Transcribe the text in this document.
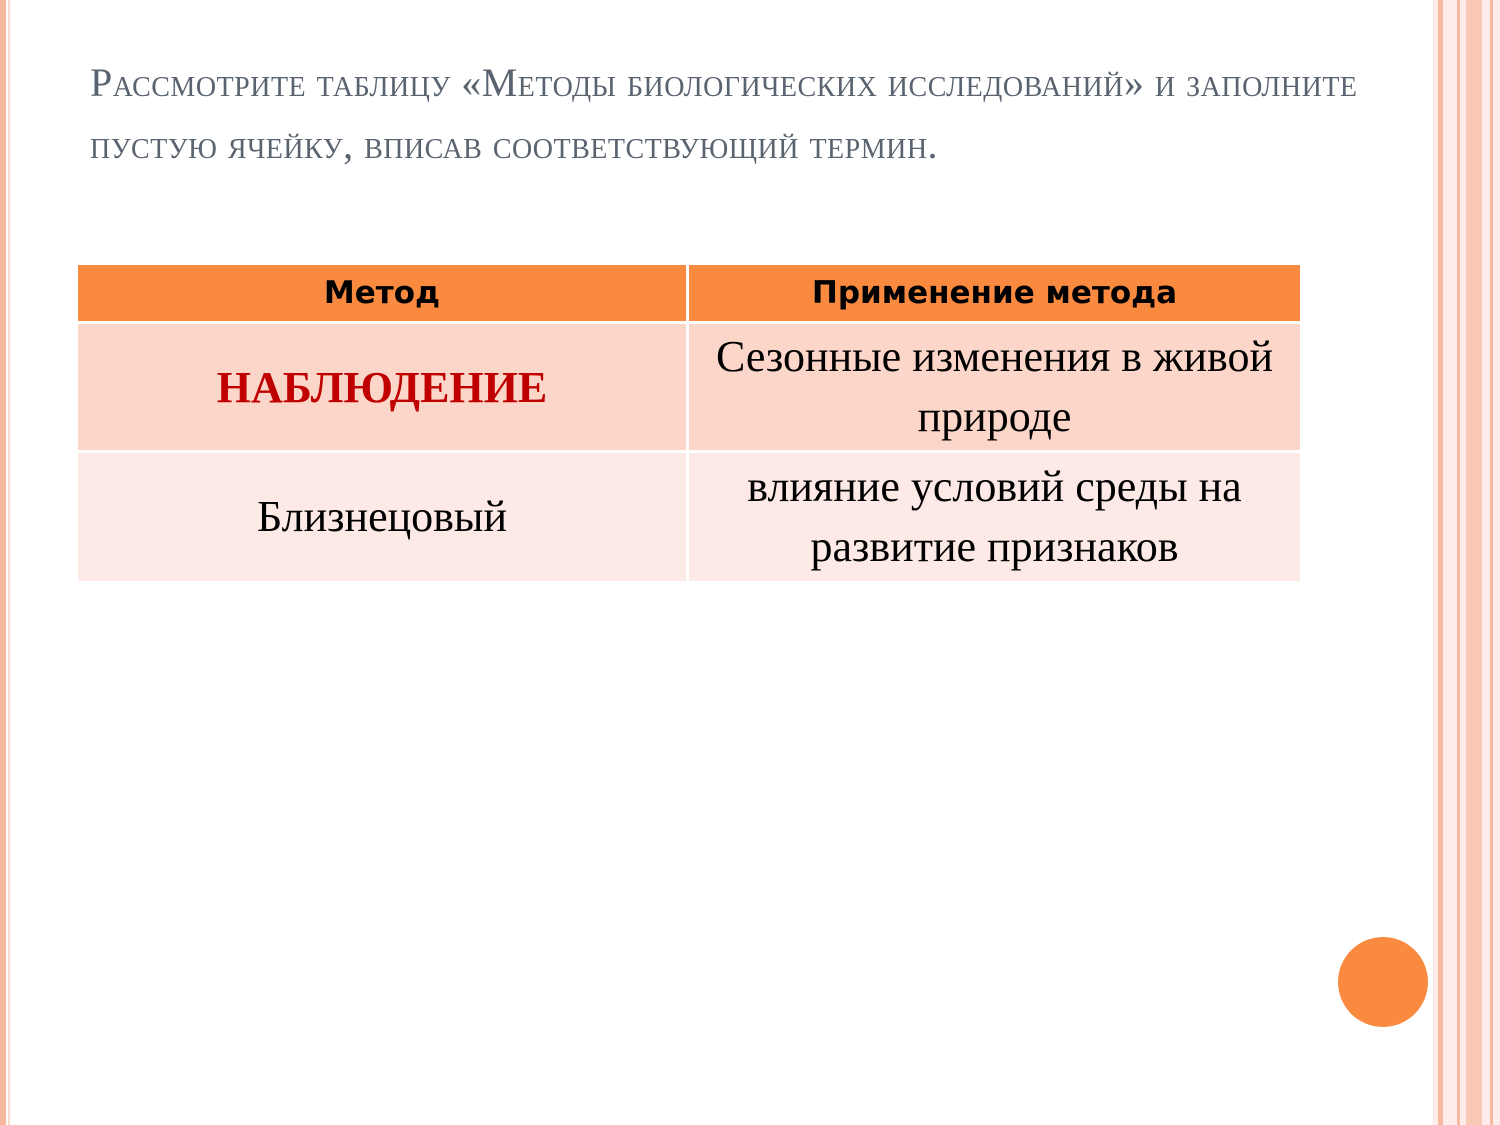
Рассмотрите таблицу «Методы биологических исследований» и заполните пустую ячейку, вписав соответствующий термин.
Метод	Применение метода
НАБЛЮДЕНИЕ	Сезонные изменения в живой природе
Близнецовый	влияние условий среды на развитие признаков
